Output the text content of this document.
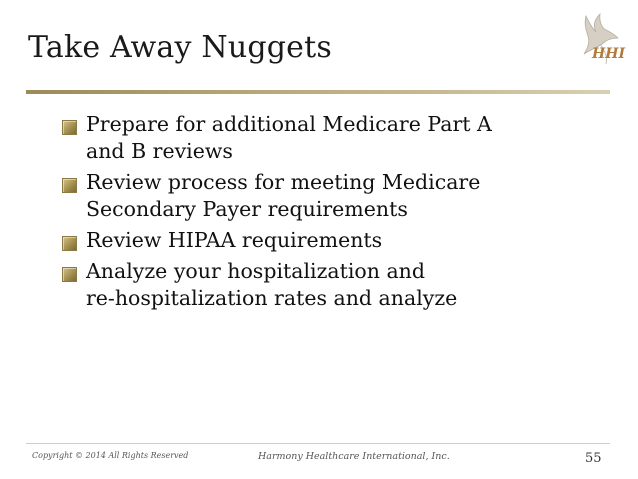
Take Away Nuggets	HHI
Prepare for additional Medicare Part A
and B reviews
Review process for meeting Medicare
Secondary Payer requirements
Review HIPAA requirements
Analyze your hospitalization and
re-hospitalization rates and analyze
Copyright © 2014 All Rights Reserved	Harmony Healthcare International, Inc.	55
